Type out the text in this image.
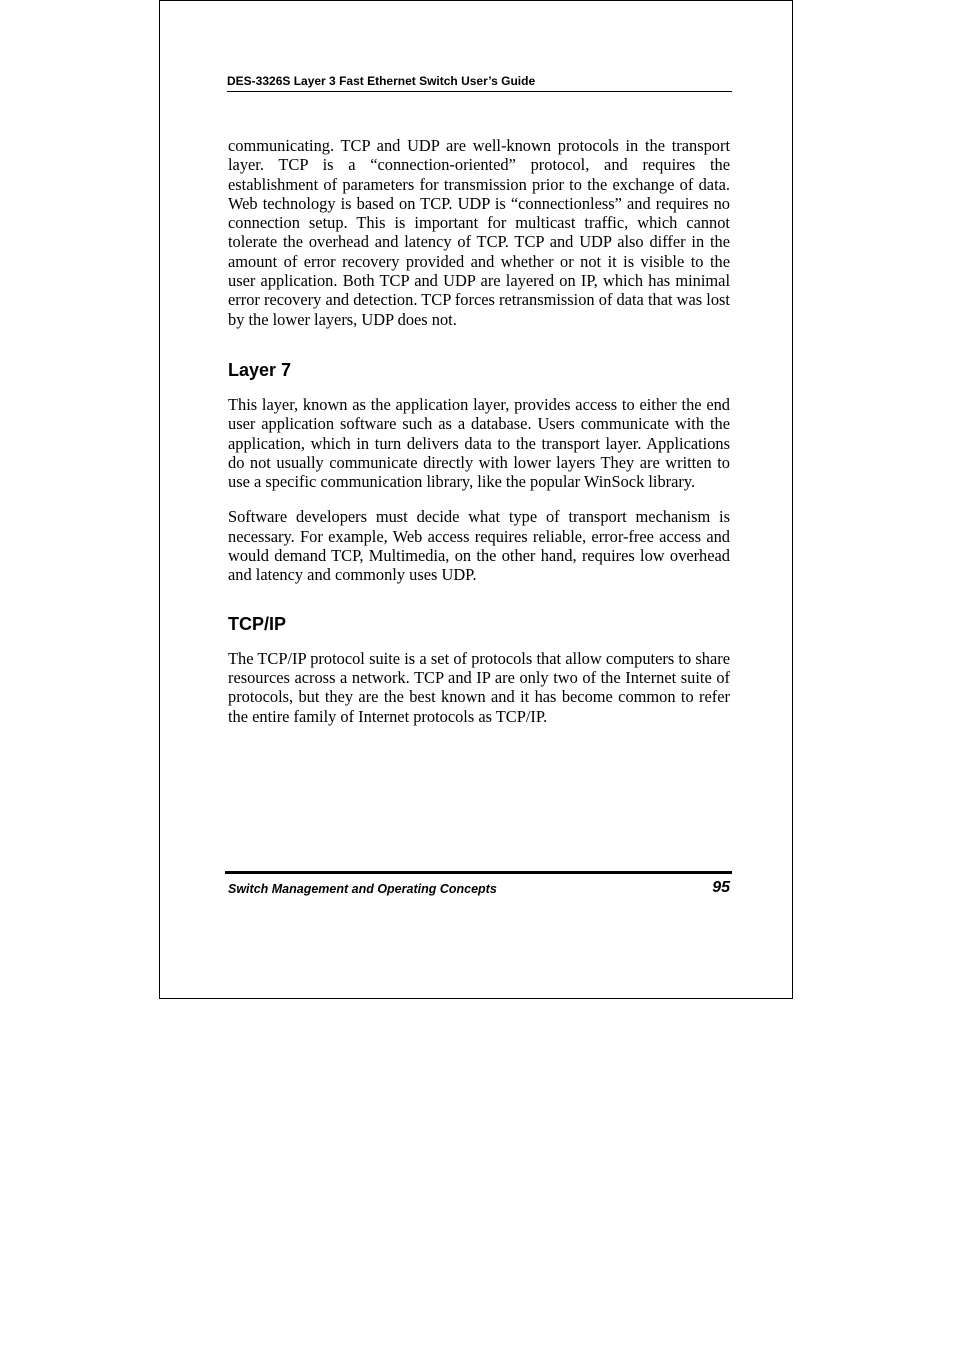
DES-3326S Layer 3 Fast Ethernet Switch User’s Guide

communicating. TCP and UDP are well-known protocols in the transport layer. TCP is a “connection-oriented” protocol, and requires the establishment of parameters for transmission prior to the exchange of data. Web technology is based on TCP. UDP is “connectionless” and requires no connection setup. This is important for multicast traffic, which cannot tolerate the overhead and latency of TCP. TCP and UDP also differ in the amount of error recovery provided and whether or not it is visible to the user application. Both TCP and UDP are layered on IP, which has minimal error recovery and detection. TCP forces retransmission of data that was lost by the lower layers, UDP does not.

Layer 7

This layer, known as the application layer, provides access to either the end user application software such as a database. Users communicate with the application, which in turn delivers data to the transport layer. Applications do not usually communicate directly with lower layers They are written to use a specific communication library, like the popular WinSock library.

Software developers must decide what type of transport mechanism is necessary. For example, Web access requires reliable, error-free access and would demand TCP, Multimedia, on the other hand, requires low overhead and latency and commonly uses UDP.

TCP/IP

The TCP/IP protocol suite is a set of protocols that allow computers to share resources across a network. TCP and IP are only two of the Internet suite of protocols, but they are the best known and it has become common to refer the entire family of Internet protocols as TCP/IP.

Switch Management and Operating Concepts	95
